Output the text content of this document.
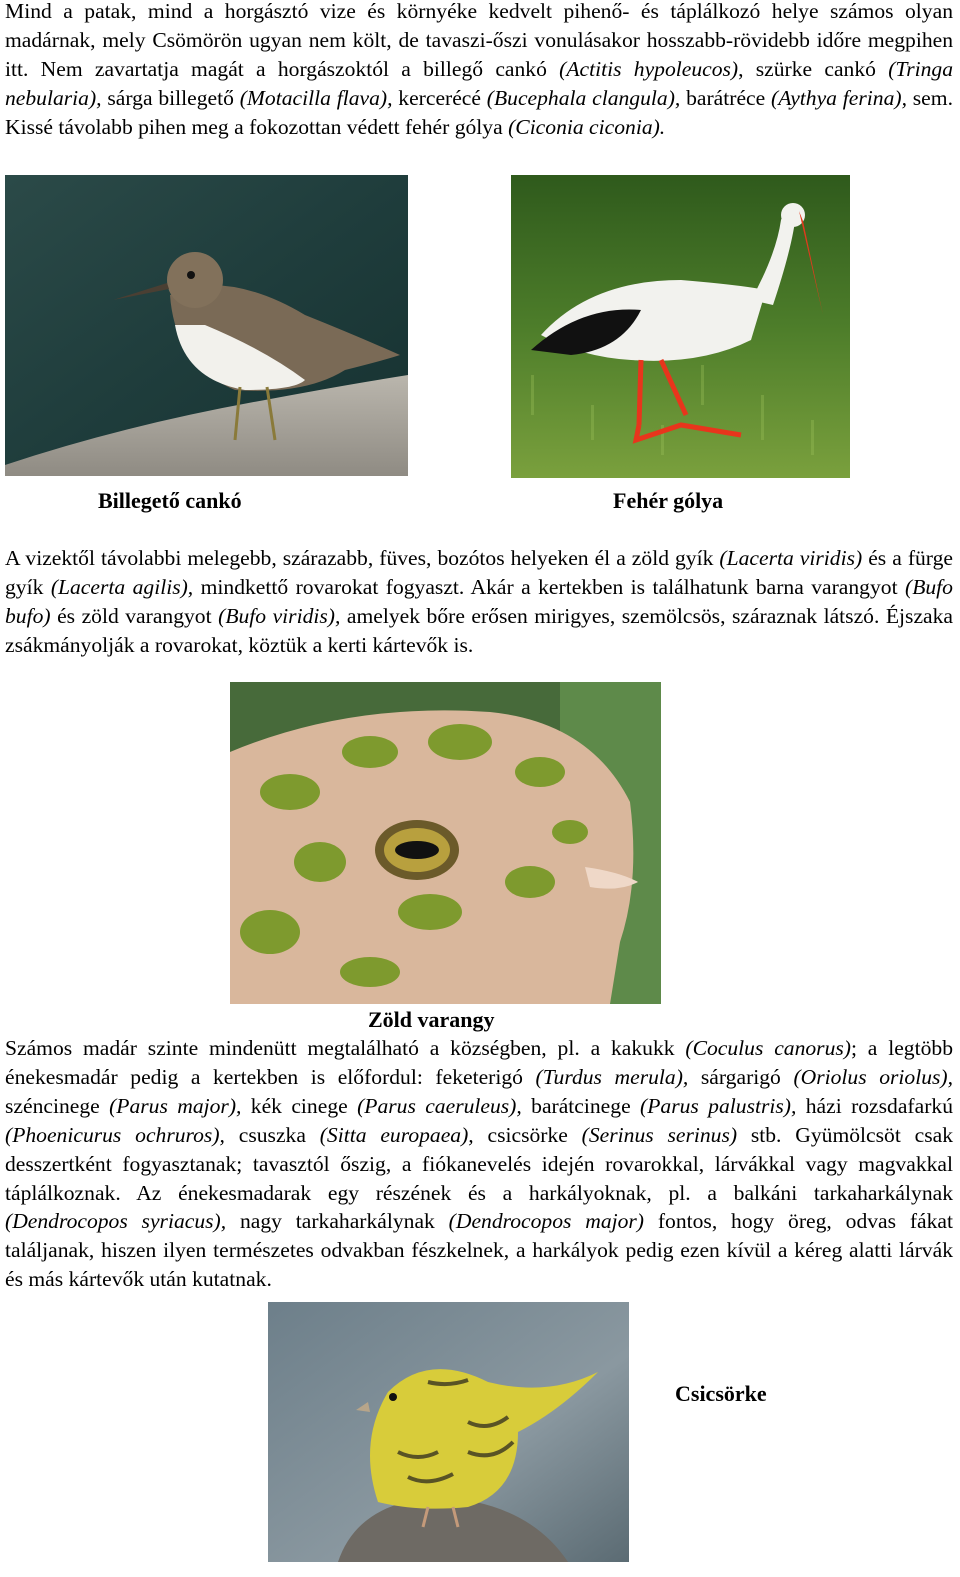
Mind a patak, mind a horgásztó vize és környéke kedvelt pihenő- és táplálkozó helye számos olyan madárnak, mely Csömörön ugyan nem költ, de tavaszi-őszi vonulásakor hosszabb-rövidebb időre megpihen itt. Nem zavartatja magát a horgászoktól a billegő cankó (Actitis hypoleucos), szürke cankó (Tringa nebularia), sárga billegető (Motacilla flava), kercerécé (Bucephala clangula), barátréce (Aythya ferina), sem. Kissé távolabb pihen meg a fokozottan védett fehér gólya (Ciconia ciconia).

Billegető cankó	Fehér gólya

A vizektől távolabbi melegebb, szárazabb, füves, bozótos helyeken él a zöld gyík (Lacerta viridis) és a fürge gyík (Lacerta agilis), mindkettő rovarokat fogyaszt. Akár a kertekben is találhatunk barna varangyot (Bufo bufo) és zöld varangyot (Bufo viridis), amelyek bőre erősen mirigyes, szemölcsös, száraznak látszó. Éjszaka zsákmányolják a rovarokat, köztük a kerti kártevők is.

Zöld varangy

Számos madár szinte mindenütt megtalálható a községben, pl. a kakukk (Coculus canorus); a legtöbb énekesmadár pedig a kertekben is előfordul: feketerigó (Turdus merula), sárgarigó (Oriolus oriolus), széncinege (Parus major), kék cinege (Parus caeruleus), barátcinege (Parus palustris), házi rozsdafarkú (Phoenicurus ochruros), csuszka (Sitta europaea), csicsörke (Serinus serinus) stb. Gyümölcsöt csak desszertként fogyasztanak; tavasztól őszig, a fiókanevelés idején rovarokkal, lárvákkal vagy magvakkal táplálkoznak. Az énekesmadarak egy részének és a harkályoknak, pl. a balkáni tarkaharkálynak (Dendrocopos syriacus), nagy tarkaharkálynak (Dendrocopos major) fontos, hogy öreg, odvas fákat találjanak, hiszen ilyen természetes odvakban fészkelnek, a harkályok pedig ezen kívül a kéreg alatti lárvák és más kártevők után kutatnak.

Csicsörke
